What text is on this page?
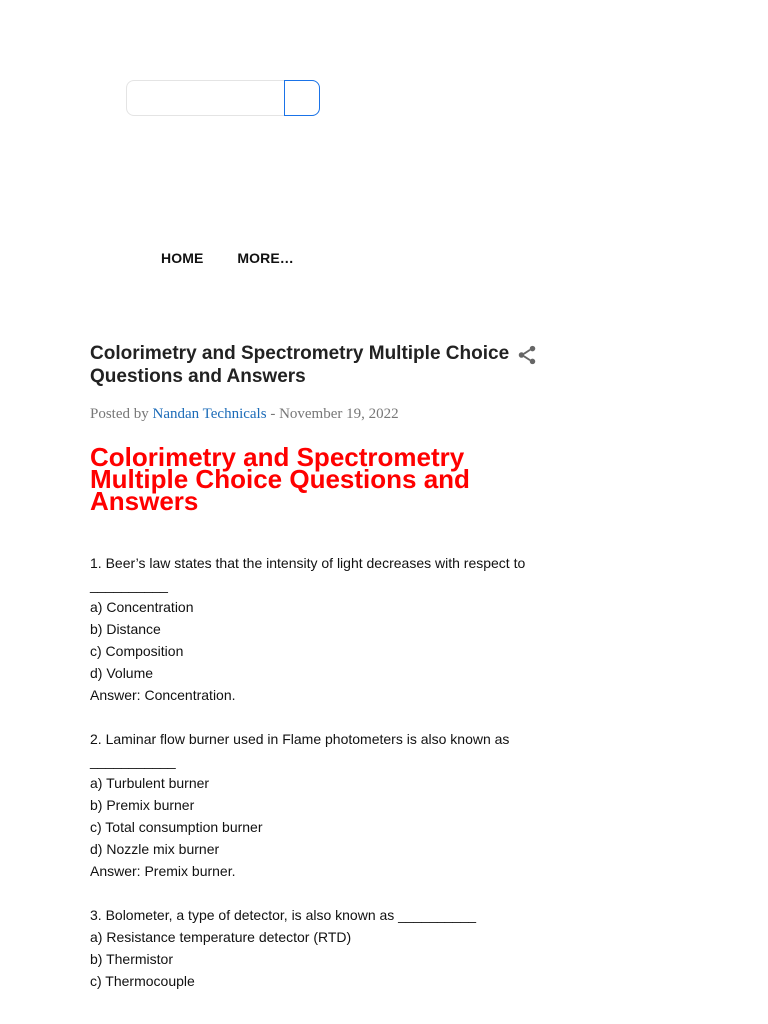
HOME MORE…
Colorimetry and Spectrometry Multiple Choice Questions and Answers
Posted by Nandan Technicals - November 19, 2022
Colorimetry and Spectrometry Multiple Choice Questions and Answers
1. Beer’s law states that the intensity of light decreases with respect to __________
a) Concentration
b) Distance
c) Composition
d) Volume
Answer: Concentration.
2. Laminar flow burner used in Flame photometers is also known as ___________
a) Turbulent burner
b) Premix burner
c) Total consumption burner
d) Nozzle mix burner
Answer: Premix burner.
3. Bolometer, a type of detector, is also known as __________
a) Resistance temperature detector (RTD)
b) Thermistor
c) Thermocouple
